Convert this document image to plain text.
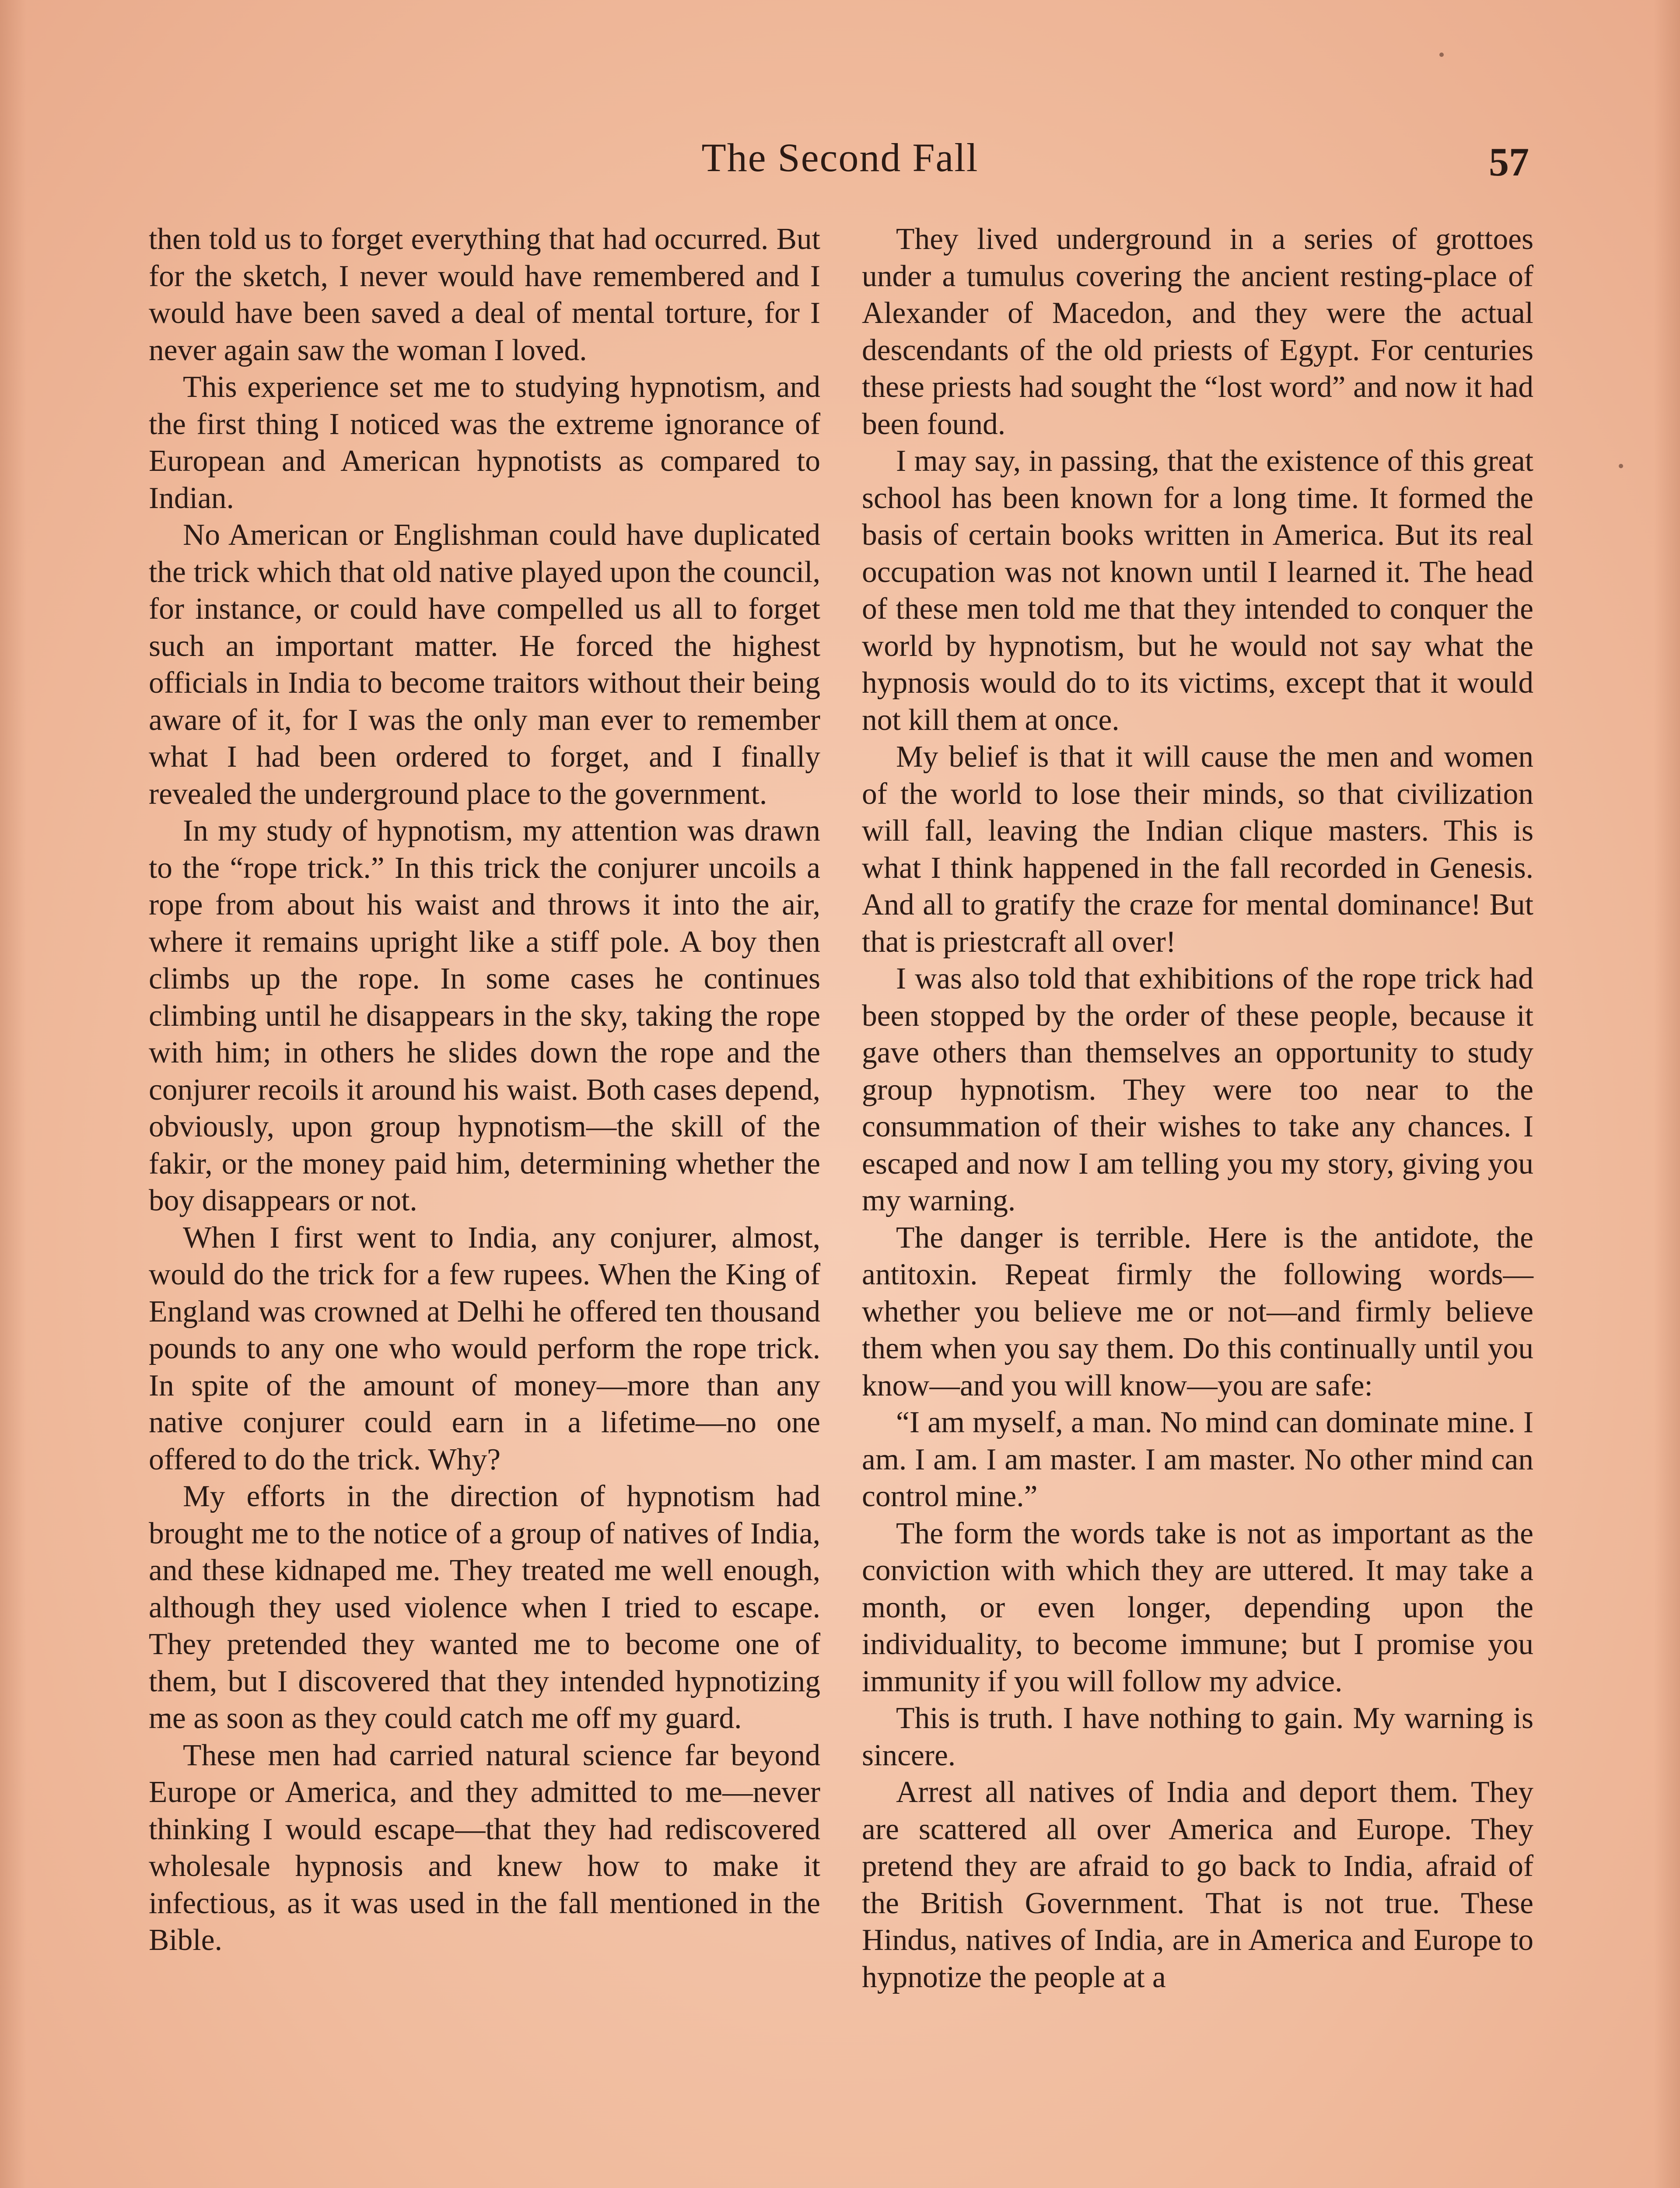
The Second Fall	57

then told us to forget everything that had occurred. But for the sketch, I never would have remembered and I would have been saved a deal of mental torture, for I never again saw the woman I loved.

This experience set me to studying hypnotism, and the first thing I noticed was the extreme ignorance of European and American hypnotists as compared to Indian.

No American or Englishman could have duplicated the trick which that old native played upon the council, for instance, or could have compelled us all to forget such an important matter. He forced the highest officials in India to become traitors without their being aware of it, for I was the only man ever to remember what I had been ordered to forget, and I finally revealed the underground place to the government.

In my study of hypnotism, my attention was drawn to the “rope trick.” In this trick the conjurer uncoils a rope from about his waist and throws it into the air, where it remains upright like a stiff pole. A boy then climbs up the rope. In some cases he continues climbing until he disappears in the sky, taking the rope with him; in others he slides down the rope and the conjurer recoils it around his waist. Both cases depend, obviously, upon group hypnotism—the skill of the fakir, or the money paid him, determining whether the boy disappears or not.

When I first went to India, any conjurer, almost, would do the trick for a few rupees. When the King of England was crowned at Delhi he offered ten thousand pounds to any one who would perform the rope trick. In spite of the amount of money—more than any native conjurer could earn in a lifetime—no one offered to do the trick. Why?

My efforts in the direction of hypnotism had brought me to the notice of a group of natives of India, and these kidnaped me. They treated me well enough, although they used violence when I tried to escape. They pretended they wanted me to become one of them, but I discovered that they intended hypnotizing me as soon as they could catch me off my guard.

These men had carried natural science far beyond Europe or America, and they admitted to me—never thinking I would escape—that they had rediscovered wholesale hypnosis and knew how to make it infectious, as it was used in the fall mentioned in the Bible.

They lived underground in a series of grottoes under a tumulus covering the ancient resting-place of Alexander of Macedon, and they were the actual descendants of the old priests of Egypt. For centuries these priests had sought the “lost word” and now it had been found.

I may say, in passing, that the existence of this great school has been known for a long time. It formed the basis of certain books written in America. But its real occupation was not known until I learned it. The head of these men told me that they intended to conquer the world by hypnotism, but he would not say what the hypnosis would do to its victims, except that it would not kill them at once.

My belief is that it will cause the men and women of the world to lose their minds, so that civilization will fall, leaving the Indian clique masters. This is what I think happened in the fall recorded in Genesis. And all to gratify the craze for mental dominance! But that is priestcraft all over!

I was also told that exhibitions of the rope trick had been stopped by the order of these people, because it gave others than themselves an opportunity to study group hypnotism. They were too near to the consummation of their wishes to take any chances. I escaped and now I am telling you my story, giving you my warning.

The danger is terrible. Here is the antidote, the antitoxin. Repeat firmly the following words—whether you believe me or not—and firmly believe them when you say them. Do this continually until you know—and you will know—you are safe:

“I am myself, a man. No mind can dominate mine. I am. I am. I am master. I am master. No other mind can control mine.”

The form the words take is not as important as the conviction with which they are uttered. It may take a month, or even longer, depending upon the individuality, to become immune; but I promise you immunity if you will follow my advice.

This is truth. I have nothing to gain. My warning is sincere.

Arrest all natives of India and deport them. They are scattered all over America and Europe. They pretend they are afraid to go back to India, afraid of the British Government. That is not true. These Hindus, natives of India, are in America and Europe to hypnotize the people at a
